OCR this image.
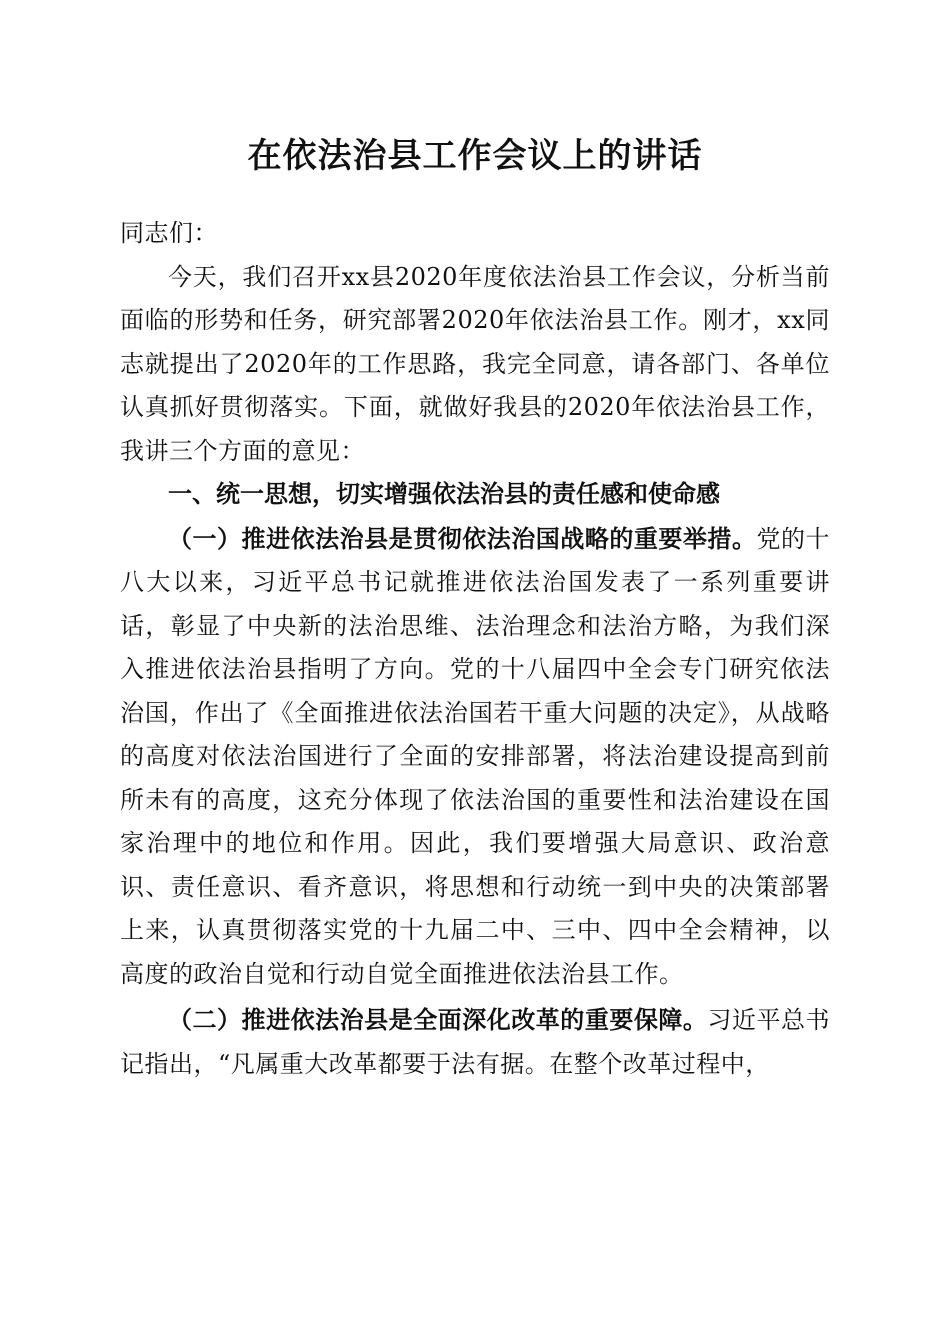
在依法治县工作会议上的讲话

同志们：

今天，我们召开xx县2020年度依法治县工作会议，分析当前面临的形势和任务，研究部署2020年依法治县工作。刚才，xx同志就提出了2020年的工作思路，我完全同意，请各部门、各单位认真抓好贯彻落实。下面，就做好我县的2020年依法治县工作，我讲三个方面的意见：

一、统一思想，切实增强依法治县的责任感和使命感

（一）推进依法治县是贯彻依法治国战略的重要举措。党的十八大以来，习近平总书记就推进依法治国发表了一系列重要讲话，彰显了中央新的法治思维、法治理念和法治方略，为我们深入推进依法治县指明了方向。党的十八届四中全会专门研究依法治国，作出了《全面推进依法治国若干重大问题的决定》，从战略的高度对依法治国进行了全面的安排部署，将法治建设提高到前所未有的高度，这充分体现了依法治国的重要性和法治建设在国家治理中的地位和作用。因此，我们要增强大局意识、政治意识、责任意识、看齐意识，将思想和行动统一到中央的决策部署上来，认真贯彻落实党的十九届二中、三中、四中全会精神，以高度的政治自觉和行动自觉全面推进依法治县工作。

（二）推进依法治县是全面深化改革的重要保障。习近平总书记指出，“凡属重大改革都要于法有据。在整个改革过程中，
